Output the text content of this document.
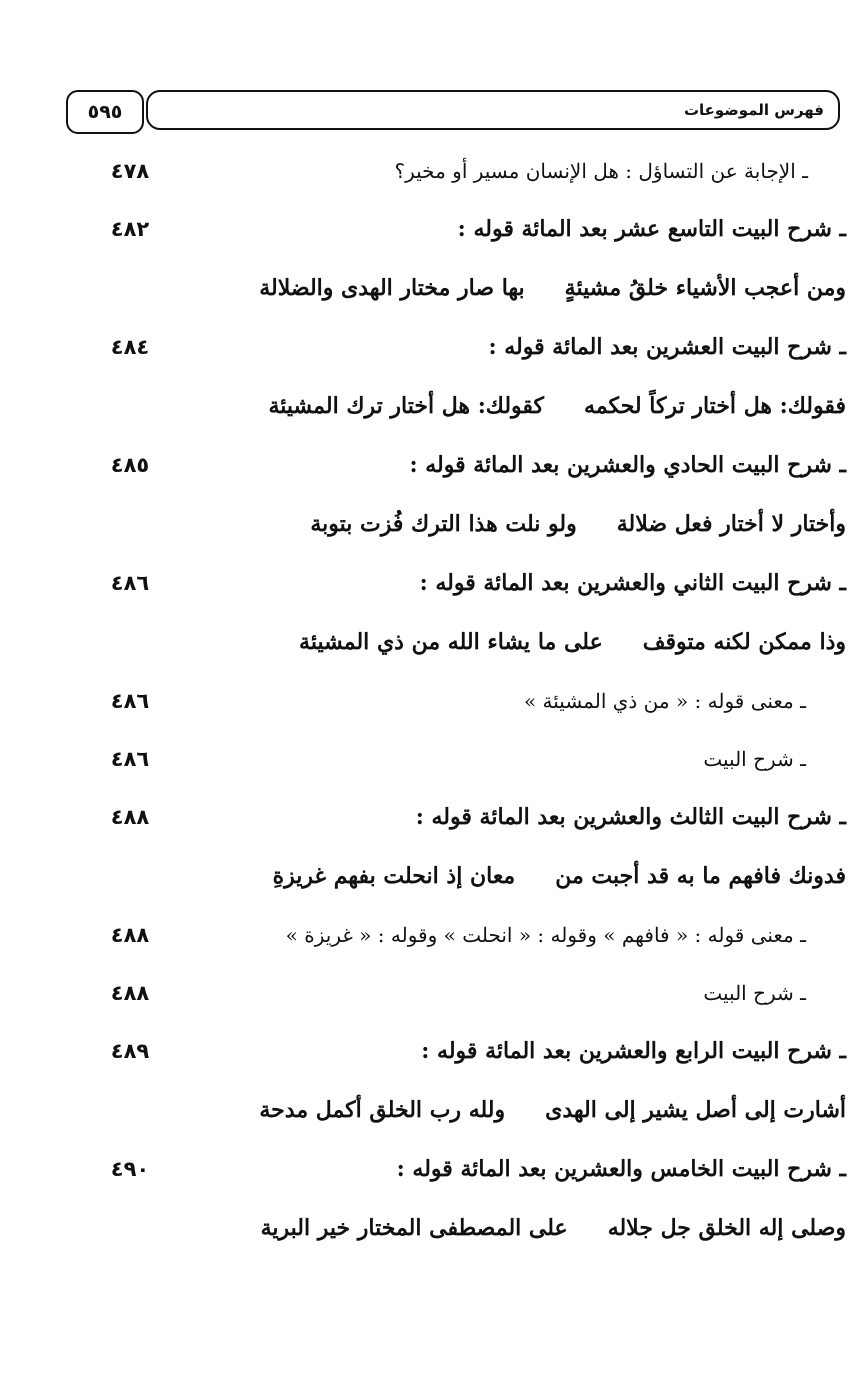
٥٩٥	فهرس الموضوعات
ـ الإجابة عن التساؤل : هل الإنسان مسير أو مخير؟
٤٧٨
ـ شرح البيت التاسع عشر بعد المائة قوله :
٤٨٢
ومن أعجب الأشياء خلقُ مشيئةٍ
بها صار مختار الهدى والضلالة
ـ شرح البيت العشرين بعد المائة قوله :
٤٨٤
فقولك: هل أختار تركاً لحكمه
كقولك: هل أختار ترك المشيئة
ـ شرح البيت الحادي والعشرين بعد المائة قوله :
٤٨٥
وأختار لا أختار فعل ضلالة
ولو نلت هذا الترك فُزت بتوبة
ـ شرح البيت الثاني والعشرين بعد المائة قوله :
٤٨٦
وذا ممكن لكنه متوقف
على ما يشاء الله من ذي المشيئة
ـ معنى قوله : « من ذي المشيئة »
٤٨٦
ـ شرح البيت
٤٨٦
ـ شرح البيت الثالث والعشرين بعد المائة قوله :
٤٨٨
فدونك فافهم ما به قد أجبت من
معان إذ انحلت بفهم غريزةِ
ـ معنى قوله : « فافهم » وقوله : « انحلت » وقوله : « غريزة »
٤٨٨
ـ شرح البيت
٤٨٨
ـ شرح البيت الرابع والعشرين بعد المائة قوله :
٤٨٩
أشارت إلى أصل يشير إلى الهدى
ولله رب الخلق أكمل مدحة
ـ شرح البيت الخامس والعشرين بعد المائة قوله :
٤٩٠
وصلى إله الخلق جل جلاله
على المصطفى المختار خير البرية
